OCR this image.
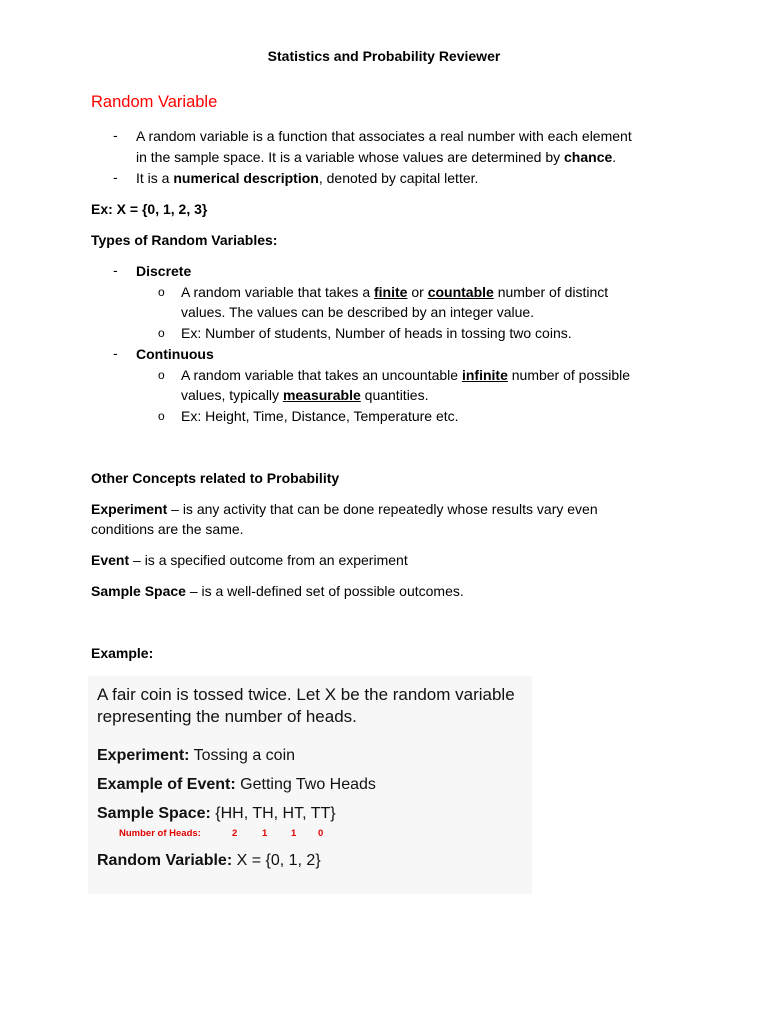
Statistics and Probability Reviewer
Random Variable
- A random variable is a function that associates a real number with each element
in the sample space. It is a variable whose values are determined by chance.
- It is a numerical description, denoted by capital letter.
Ex: X = {0, 1, 2, 3}
Types of Random Variables:
- Discrete
o A random variable that takes a finite or countable number of distinct
values. The values can be described by an integer value.
o Ex: Number of students, Number of heads in tossing two coins.
- Continuous
o A random variable that takes an uncountable infinite number of possible
values, typically measurable quantities.
o Ex: Height, Time, Distance, Temperature etc.
Other Concepts related to Probability
Experiment – is any activity that can be done repeatedly whose results vary even
conditions are the same.
Event – is a specified outcome from an experiment
Sample Space – is a well-defined set of possible outcomes.
Example:
A fair coin is tossed twice. Let X be the random variable
representing the number of heads.
Experiment: Tossing a coin
Example of Event: Getting Two Heads
Sample Space: {HH, TH, HT, TT}
Number of Heads:	2	1 1 0
Random Variable: X = {0, 1, 2}
